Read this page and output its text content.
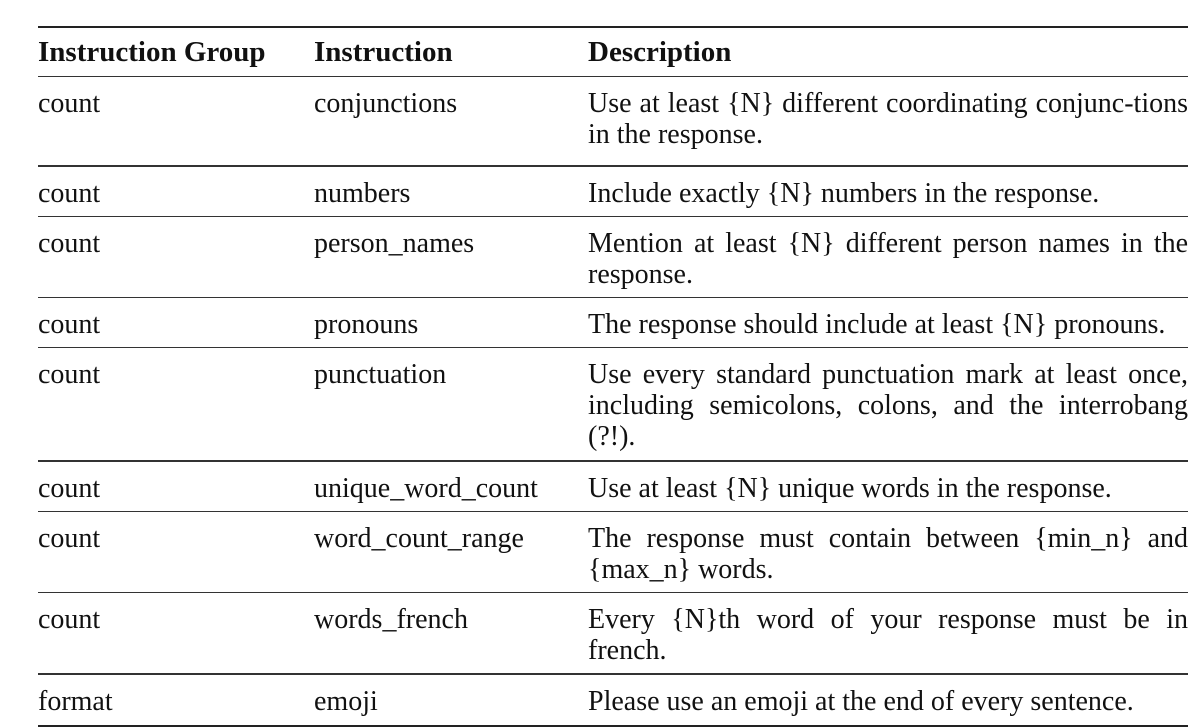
Instruction Group	Instruction	Description
count	conjunctions	Use at least {N} different coordinating conjunc-tions in the response.
count	numbers	Include exactly {N} numbers in the response.
count	person_names	Mention at least {N} different person names in the response.
count	pronouns	The response should include at least {N} pronouns.
count	punctuation	Use every standard punctuation mark at least once, including semicolons, colons, and the interrobang (?!).
count	unique_word_count	Use at least {N} unique words in the response.
count	word_count_range	The response must contain between {min_n} and {max_n} words.
count	words_french	Every {N}th word of your response must be in french.
format	emoji	Please use an emoji at the end of every sentence.
